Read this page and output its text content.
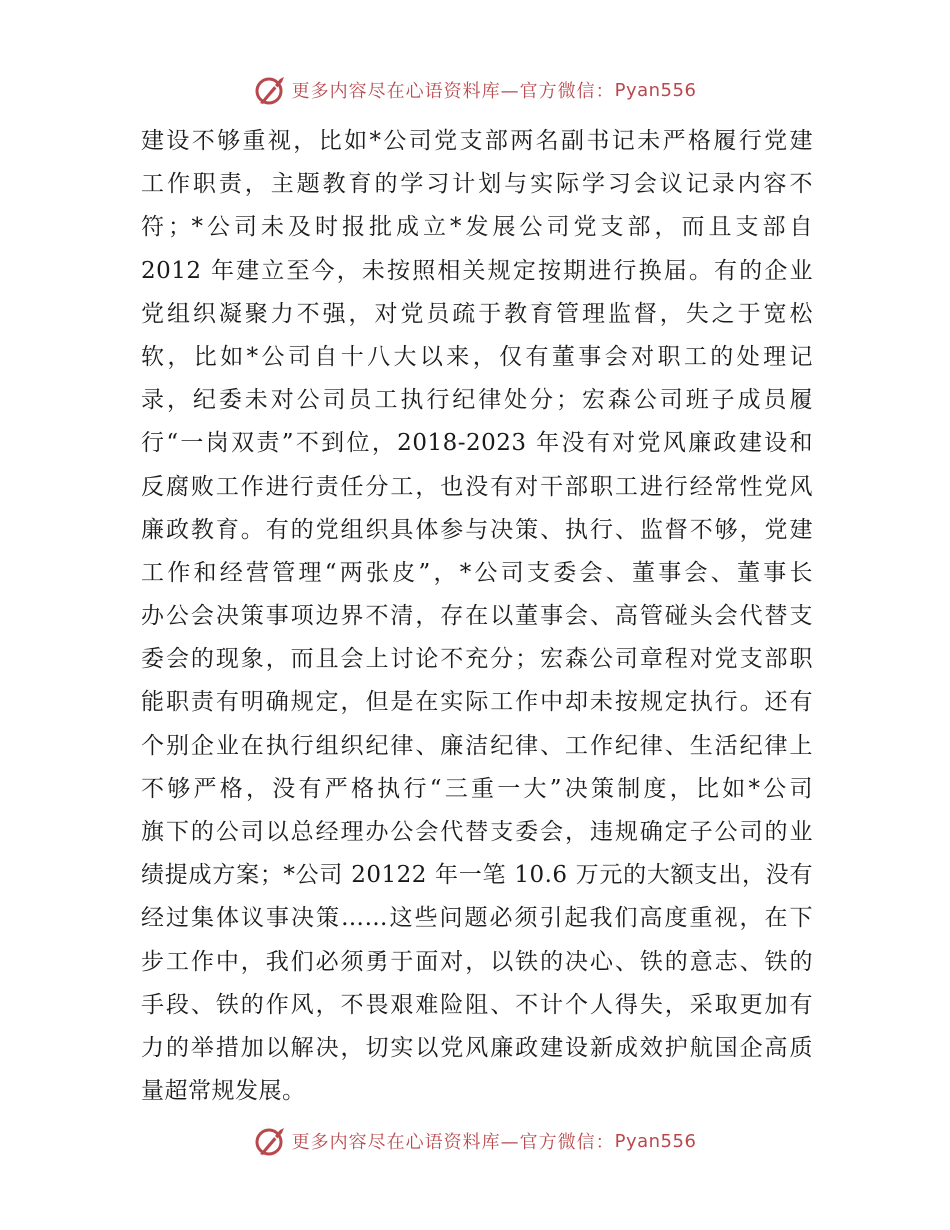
更多内容尽在心语资料库—官方微信： Pyan556
建设不够重视，比如*公司党支部两名副书记未严格履行党建
工作职责，主题教育的学习计划与实际学习会议记录内容不
符；*公司未及时报批成立*发展公司党支部，而且支部自
2012 年建立至今，未按照相关规定按期进行换届。有的企业
党组织凝聚力不强，对党员疏于教育管理监督，失之于宽松
软，比如*公司自十八大以来，仅有董事会对职工的处理记
录，纪委未对公司员工执行纪律处分；宏森公司班子成员履
行“一岗双责”不到位，2018-2023 年没有对党风廉政建设和
反腐败工作进行责任分工，也没有对干部职工进行经常性党风
廉政教育。有的党组织具体参与决策、执行、监督不够，党建
工作和经营管理“两张皮”，*公司支委会、董事会、董事长
办公会决策事项边界不清，存在以董事会、高管碰头会代替支
委会的现象，而且会上讨论不充分；宏森公司章程对党支部职
能职责有明确规定，但是在实际工作中却未按规定执行。还有
个别企业在执行组织纪律、廉洁纪律、工作纪律、生活纪律上
不够严格，没有严格执行“三重一大”决策制度，比如*公司
旗下的公司以总经理办公会代替支委会，违规确定子公司的业
绩提成方案；*公司 20122 年一笔 10.6 万元的大额支出，没有
经过集体议事决策……这些问题必须引起我们高度重视，在下
步工作中，我们必须勇于面对，以铁的决心、铁的意志、铁的
手段、铁的作风，不畏艰难险阻、不计个人得失，采取更加有
力的举措加以解决，切实以党风廉政建设新成效护航国企高质
量超常规发展。
更多内容尽在心语资料库—官方微信： Pyan556
